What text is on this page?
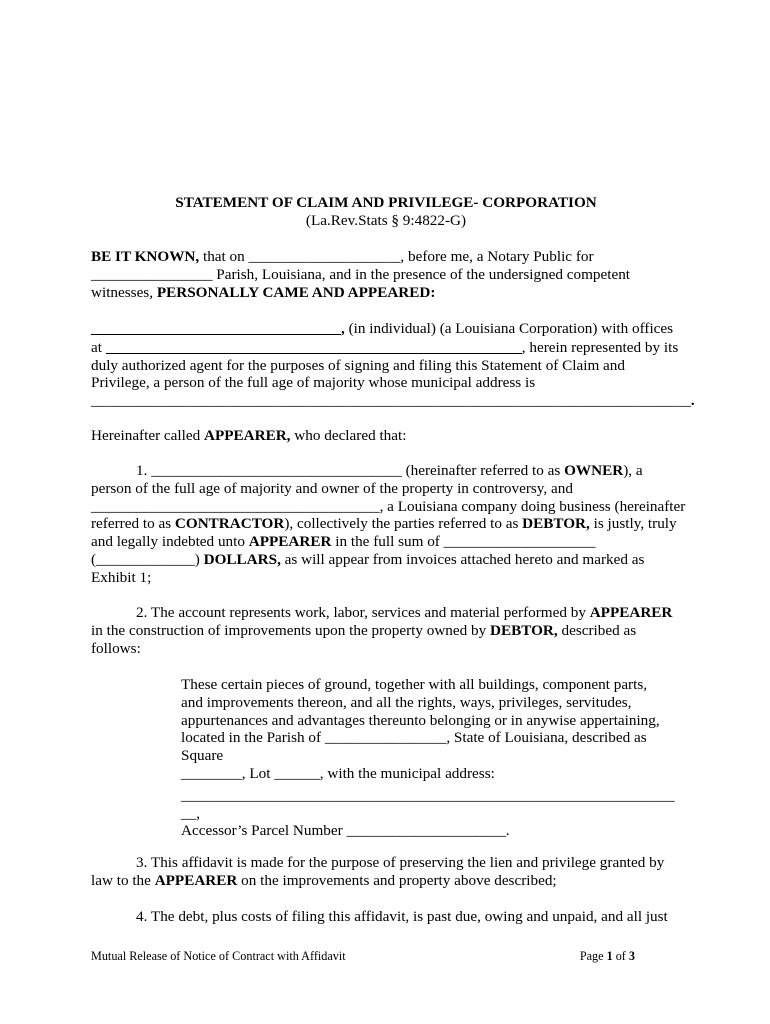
STATEMENT OF CLAIM AND PRIVILEGE- CORPORATION
(La.Rev.Stats § 9:4822-G)
BE IT KNOWN, that on ____________________, before me, a Notary Public for
________________ Parish, Louisiana, and in the presence of the undersigned competent
witnesses, PERSONALLY CAME AND APPEARED:
, (in individual) (a Louisiana Corporation) with offices
at	, herein represented by its
duly authorized agent for the purposes of signing and filing this Statement of Claim and
Privilege, a person of the full age of majority whose municipal address is
_______________________________________________________________________________.
Hereinafter called APPEARER, who declared that:
1. _________________________________ (hereinafter referred to as OWNER), a
person of the full age of majority and owner of the property in controversy, and
______________________________________, a Louisiana company doing business (hereinafter
referred to as CONTRACTOR), collectively the parties referred to as DEBTOR, is justly, truly
and legally indebted unto APPEARER in the full sum of ____________________
(_____________) DOLLARS, as will appear from invoices attached hereto and marked as
Exhibit 1;
2. The account represents work, labor, services and material performed by APPEARER
in the construction of improvements upon the property owned by DEBTOR, described as
follows:
These certain pieces of ground, together with all buildings, component parts,
and improvements thereon, and all the rights, ways, privileges, servitudes,
appurtenances and advantages thereunto belonging or in anywise appertaining,
located in the Parish of ________________, State of Louisiana, described as
Square
________, Lot ______, with the municipal address:
_________________________________________________________________
__,
Accessor’s Parcel Number _____________________.
3. This affidavit is made for the purpose of preserving the lien and privilege granted by
law to the APPEARER on the improvements and property above described;
4. The debt, plus costs of filing this affidavit, is past due, owing and unpaid, and all just
Mutual Release of Notice of Contract with Affidavit	Page 1 of 3
